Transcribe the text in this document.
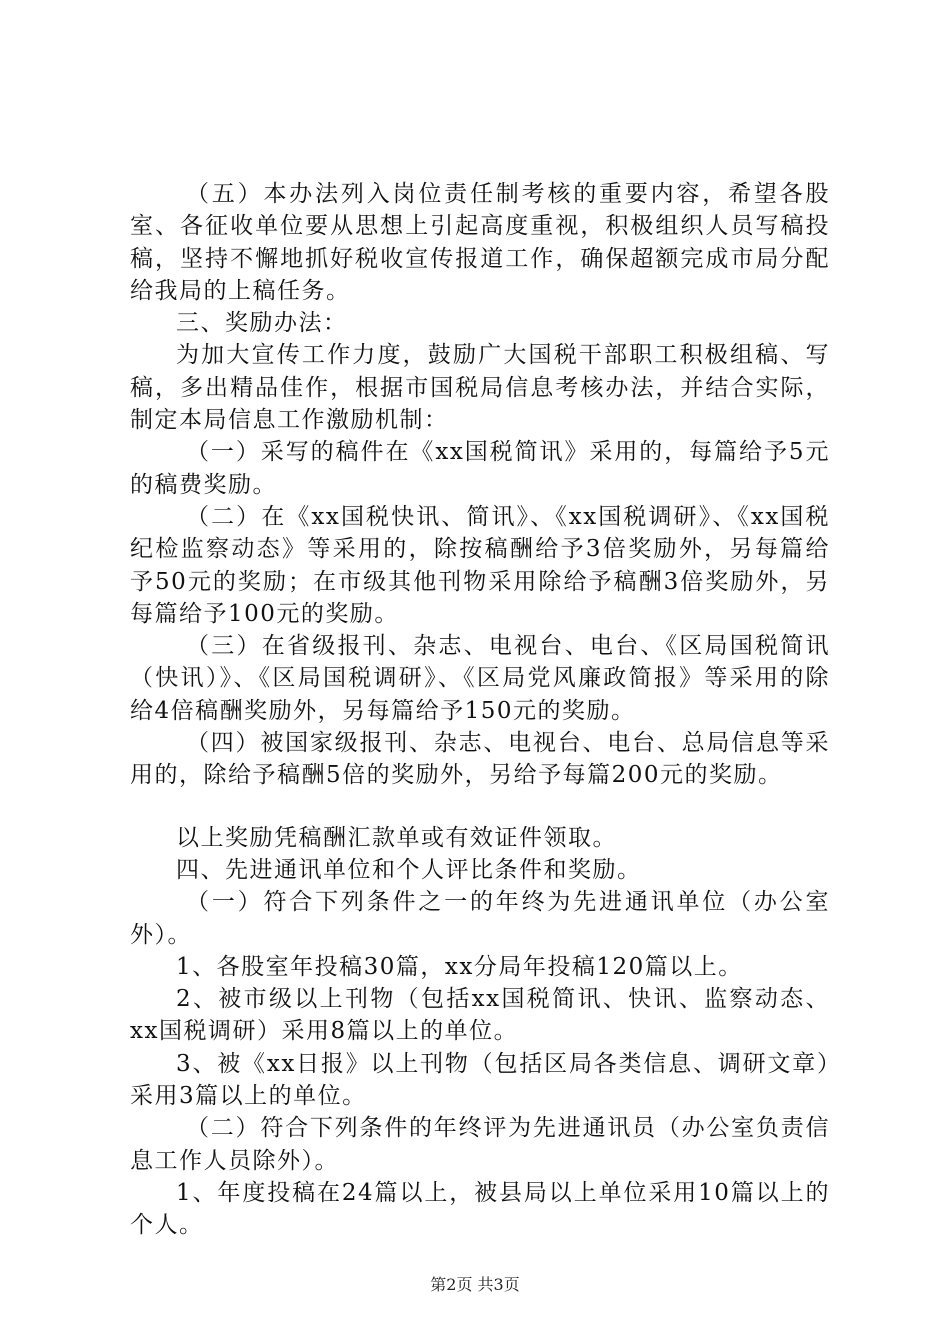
（五）本办法列入岗位责任制考核的重要内容，希望各股室、各征收单位要从思想上引起高度重视，积极组织人员写稿投稿，坚持不懈地抓好税收宣传报道工作，确保超额完成市局分配给我局的上稿任务。

三、奖励办法：

为加大宣传工作力度，鼓励广大国税干部职工积极组稿、写稿，多出精品佳作，根据市国税局信息考核办法，并结合实际，制定本局信息工作激励机制：

（一）采写的稿件在《xx国税简讯》采用的，每篇给予5元的稿费奖励。

（二）在《xx国税快讯、简讯》、《xx国税调研》、《xx国税纪检监察动态》等采用的，除按稿酬给予3倍奖励外，另每篇给予50元的奖励；在市级其他刊物采用除给予稿酬3倍奖励外，另每篇给予100元的奖励。

（三）在省级报刊、杂志、电视台、电台、《区局国税简讯（快讯）》、《区局国税调研》、《区局党风廉政简报》等采用的除给4倍稿酬奖励外，另每篇给予150元的奖励。

（四）被国家级报刊、杂志、电视台、电台、总局信息等采用的，除给予稿酬5倍的奖励外，另给予每篇200元的奖励。

以上奖励凭稿酬汇款单或有效证件领取。

四、先进通讯单位和个人评比条件和奖励。

（一）符合下列条件之一的年终为先进通讯单位（办公室外）。

1、各股室年投稿30篇，xx分局年投稿120篇以上。

2、被市级以上刊物（包括xx国税简讯、快讯、监察动态、xx国税调研）采用8篇以上的单位。

3、被《xx日报》以上刊物（包括区局各类信息、调研文章）采用3篇以上的单位。

（二）符合下列条件的年终评为先进通讯员（办公室负责信息工作人员除外）。

1、年度投稿在24篇以上，被县局以上单位采用10篇以上的个人。

第2页 共3页
